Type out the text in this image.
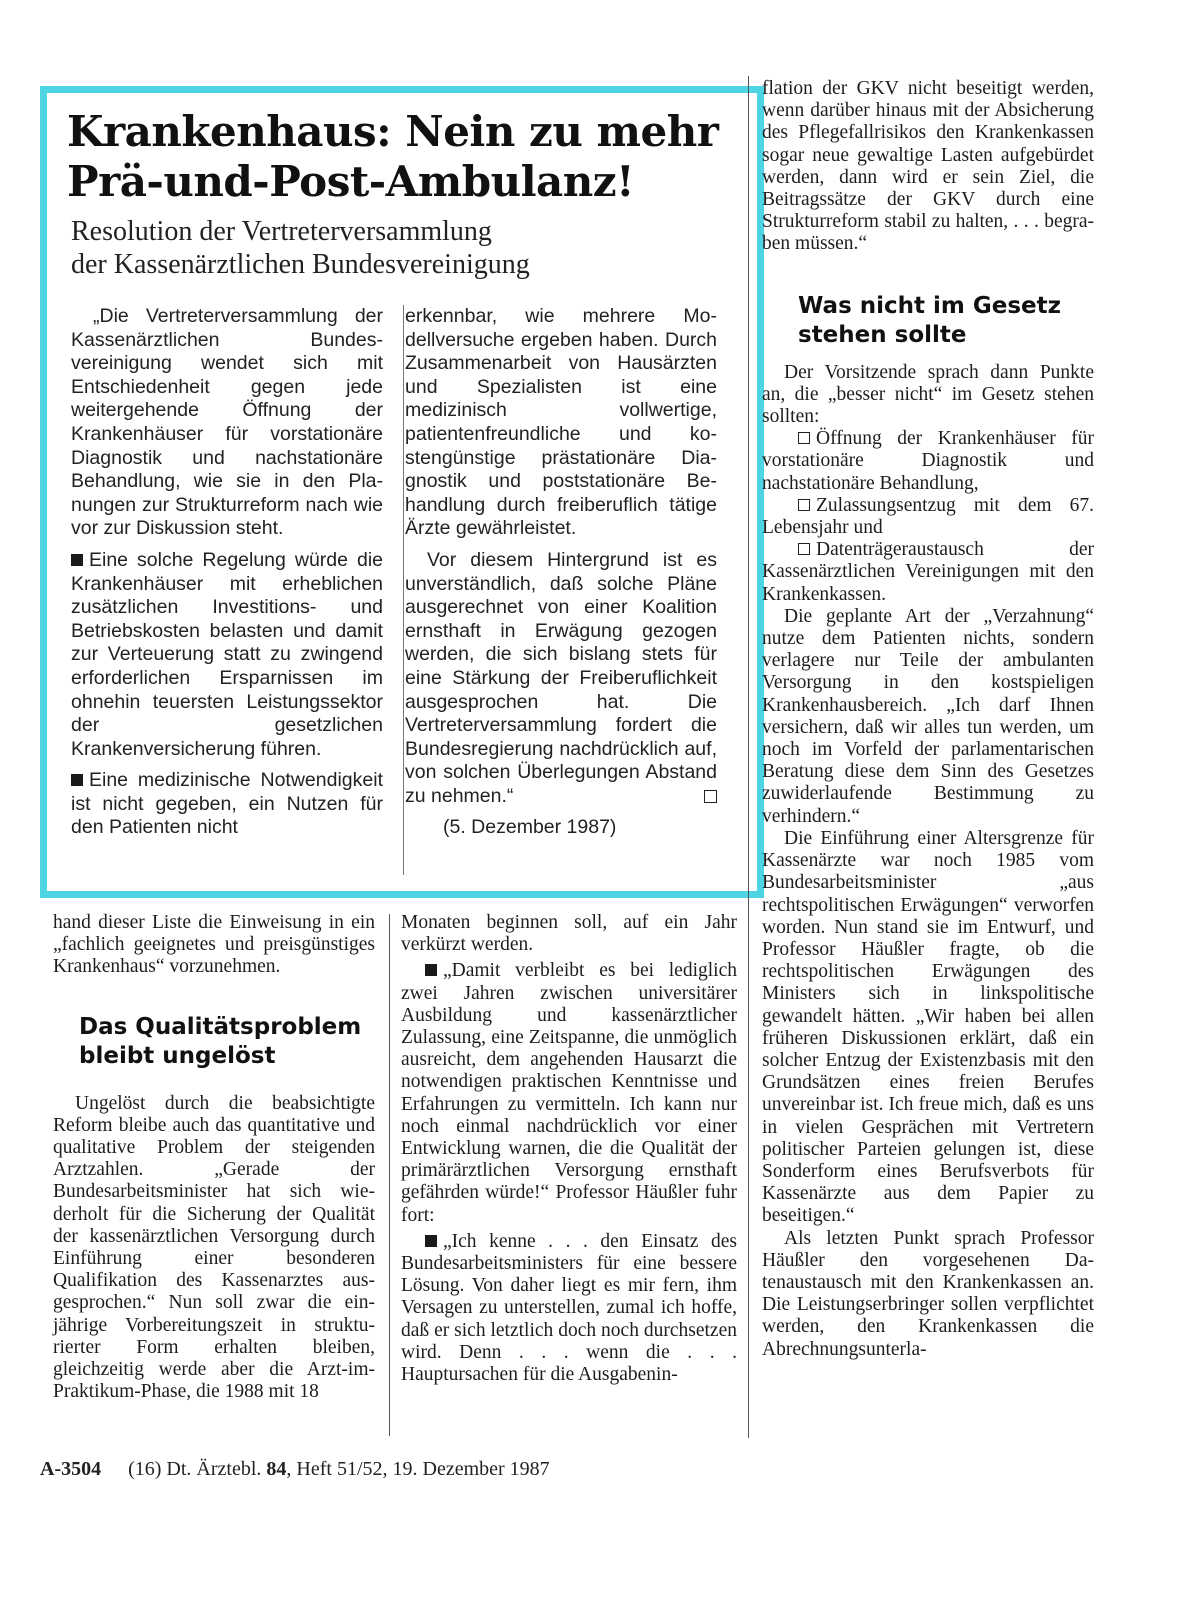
Krankenhaus: Nein zu mehr
Prä-und-Post-Ambulanz!
Resolution der Vertreterversammlung
der Kassenärztlichen Bundesvereinigung

„Die Vertreterversammlung der Kassenärztlichen Bundesvereinigung wendet sich mit Entschiedenheit gegen jede weitergehende Öffnung der Krankenhäuser für vorstationäre Diagnostik und nachstationäre Behandlung, wie sie in den Planungen zur Strukturreform nach wie vor zur Diskussion steht.

Eine solche Regelung würde die Krankenhäuser mit erheblichen zusätzlichen Investitions- und Betriebskosten belasten und damit zur Verteuerung statt zu zwingend erforderlichen Ersparnissen im ohnehin teuersten Leistungssektor der gesetzlichen Krankenversicherung führen.

Eine medizinische Notwendigkeit ist nicht gegeben, ein Nutzen für den Patienten nicht

erkennbar, wie mehrere Modellversuche ergeben haben. Durch Zusammenarbeit von Hausärzten und Spezialisten ist eine medizinisch vollwertige, patientenfreundliche und kostengünstige prästationäre Diagnostik und poststationäre Behandlung durch freiberuflich tätige Ärzte gewährleistet.

Vor diesem Hintergrund ist es unverständlich, daß solche Pläne ausgerechnet von einer Koalition ernsthaft in Erwägung gezogen werden, die sich bislang stets für eine Stärkung der Freiberuflichkeit ausgesprochen hat. Die Vertreterversammlung fordert die Bundesregierung nachdrücklich auf, von solchen Überlegungen Abstand zu nehmen.“

(5. Dezember 1987)

hand dieser Liste die Einweisung in ein „fachlich geeignetes und preisgünstiges Krankenhaus“ vorzunehmen.

Das Qualitätsproblem
bleibt ungelöst

Ungelöst durch die beabsichtigte Reform bleibe auch das quantitative und qualitative Problem der steigenden Arztzahlen. „Gerade der Bundesarbeitsminister hat sich wiederholt für die Sicherung der Qualität der kassenärztlichen Versorgung durch Einführung einer besonderen Qualifikation des Kassenarztes ausgesprochen.“ Nun soll zwar die einjährige Vorbereitungszeit in strukturierter Form erhalten bleiben, gleichzeitig werde aber die Arzt-im-Praktikum-Phase, die 1988 mit 18

Monaten beginnen soll, auf ein Jahr verkürzt werden.

„Damit verbleibt es bei lediglich zwei Jahren zwischen universitärer Ausbildung und kassenärztlicher Zulassung, eine Zeitspanne, die unmöglich ausreicht, dem angehenden Hausarzt die notwendigen praktischen Kenntnisse und Erfahrungen zu vermitteln. Ich kann nur noch einmal nachdrücklich vor einer Entwicklung warnen, die die Qualität der primärärztlichen Versorgung ernsthaft gefährden würde!“ Professor Häußler fuhr fort:

„Ich kenne . . . den Einsatz des Bundesarbeitsministers für eine bessere Lösung. Von daher liegt es mir fern, ihm Versagen zu unterstellen, zumal ich hoffe, daß er sich letztlich doch noch durchsetzen wird. Denn . . . wenn die . . . Hauptursachen für die Ausgabenin-

flation der GKV nicht beseitigt werden, wenn darüber hinaus mit der Absicherung des Pflegefallrisikos den Krankenkassen sogar neue gewaltige Lasten aufgebürdet werden, dann wird er sein Ziel, die Beitragssätze der GKV durch eine Strukturreform stabil zu halten, . . . begraben müssen.“

Was nicht im Gesetz
stehen sollte

Der Vorsitzende sprach dann Punkte an, die „besser nicht“ im Gesetz stehen sollten:

Öffnung der Krankenhäuser für vorstationäre Diagnostik und nachstationäre Behandlung,

Zulassungsentzug mit dem 67. Lebensjahr und

Datenträgeraustausch der Kassenärztlichen Vereinigungen mit den Krankenkassen.

Die geplante Art der „Verzahnung“ nutze dem Patienten nichts, sondern verlagere nur Teile der ambulanten Versorgung in den kostspieligen Krankenhausbereich. „Ich darf Ihnen versichern, daß wir alles tun werden, um noch im Vorfeld der parlamentarischen Beratung diese dem Sinn des Gesetzes zuwiderlaufende Bestimmung zu verhindern.“

Die Einführung einer Altersgrenze für Kassenärzte war noch 1985 vom Bundesarbeitsminister „aus rechtspolitischen Erwägungen“ verworfen worden. Nun stand sie im Entwurf, und Professor Häußler fragte, ob die rechtspolitischen Erwägungen des Ministers sich in linkspolitische gewandelt hätten. „Wir haben bei allen früheren Diskussionen erklärt, daß ein solcher Entzug der Existenzbasis mit den Grundsätzen eines freien Berufes unvereinbar ist. Ich freue mich, daß es uns in vielen Gesprächen mit Vertretern politischer Parteien gelungen ist, diese Sonderform eines Berufsverbots für Kassenärzte aus dem Papier zu beseitigen.“

Als letzten Punkt sprach Professor Häußler den vorgesehenen Datenaustausch mit den Krankenkassen an. Die Leistungserbringer sollen verpflichtet werden, den Krankenkassen die Abrechnungsunterla-

A-3504 (16) Dt. Ärztebl. 84, Heft 51/52, 19. Dezember 1987
